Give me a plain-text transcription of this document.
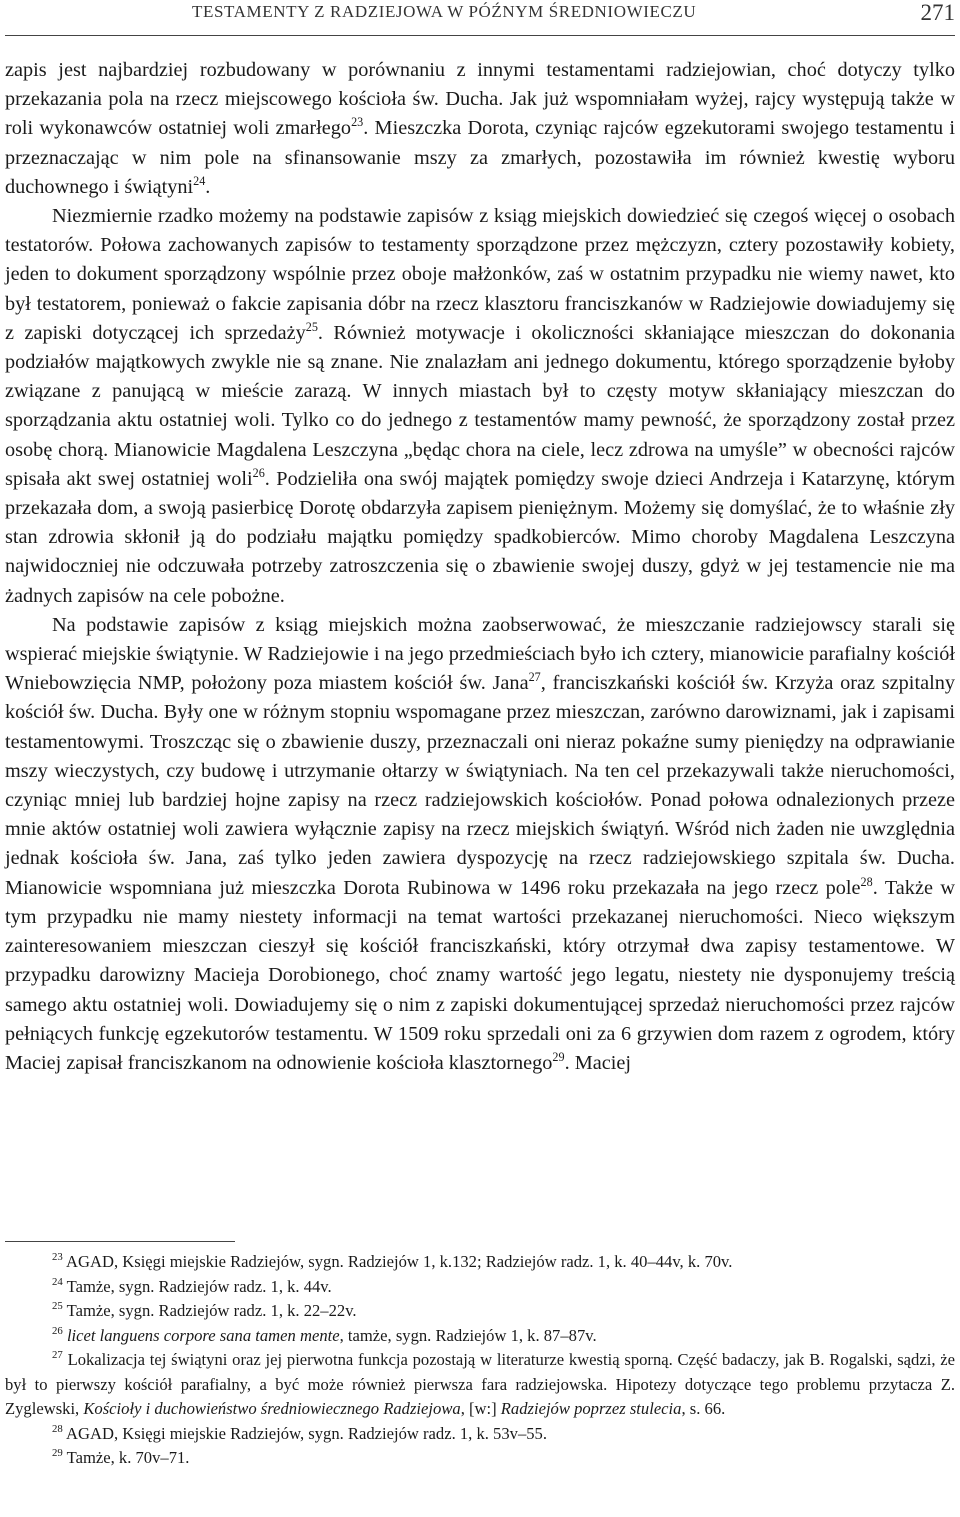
TESTAMENTY Z RADZIEJOWA W PÓŹNYM ŚREDNIOWIECZU	271

zapis jest najbardziej rozbudowany w porównaniu z innymi testamentami radziejowian, choć dotyczy tylko przekazania pola na rzecz miejscowego kościoła św. Ducha. Jak już wspomniałam wyżej, rajcy występują także w roli wykonawców ostatniej woli zmarłego$^{23}$. Mieszczka Dorota, czyniąc rajców egzekutorami swojego testamentu i przeznaczając w nim pole na sfinansowanie mszy za zmarłych, pozostawiła im również kwestię wyboru duchownego i świątyni$^{24}$.

Niezmiernie rzadko możemy na podstawie zapisów z ksiąg miejskich dowiedzieć się czegoś więcej o osobach testatorów. Połowa zachowanych zapisów to testamenty sporządzone przez mężczyzn, cztery pozostawiły kobiety, jeden to dokument sporządzony wspólnie przez oboje małżonków, zaś w ostatnim przypadku nie wiemy nawet, kto był testatorem, ponieważ o fakcie zapisania dóbr na rzecz klasztoru franciszkanów w Radziejowie dowiadujemy się z zapiski dotyczącej ich sprzedaży$^{25}$. Również motywacje i okoliczności skłaniające mieszczan do dokonania podziałów majątkowych zwykle nie są znane. Nie znalazłam ani jednego dokumentu, którego sporządzenie byłoby związane z panującą w mieście zarazą. W innych miastach był to częsty motyw skłaniający mieszczan do sporządzania aktu ostatniej woli. Tylko co do jednego z testamentów mamy pewność, że sporządzony został przez osobę chorą. Mianowicie Magdalena Leszczyna „będąc chora na ciele, lecz zdrowa na umyśle” w obecności rajców spisała akt swej ostatniej woli$^{26}$. Podzieliła ona swój majątek pomiędzy swoje dzieci Andrzeja i Katarzynę, którym przekazała dom, a swoją pasierbicę Dorotę obdarzyła zapisem pieniężnym. Możemy się domyślać, że to właśnie zły stan zdrowia skłonił ją do podziału majątku pomiędzy spadkobierców. Mimo choroby Magdalena Leszczyna najwidoczniej nie odczuwała potrzeby zatroszczenia się o zbawienie swojej duszy, gdyż w jej testamencie nie ma żadnych zapisów na cele pobożne.

Na podstawie zapisów z ksiąg miejskich można zaobserwować, że mieszczanie radziejowscy starali się wspierać miejskie świątynie. W Radziejowie i na jego przedmieściach było ich cztery, mianowicie parafialny kościół Wniebowzięcia NMP, położony poza miastem kościół św. Jana$^{27}$, franciszkański kościół św. Krzyża oraz szpitalny kościół św. Ducha. Były one w różnym stopniu wspomagane przez mieszczan, zarówno darowiznami, jak i zapisami testamentowymi. Troszcząc się o zbawienie duszy, przeznaczali oni nieraz pokaźne sumy pieniędzy na odprawianie mszy wieczystych, czy budowę i utrzymanie ołtarzy w świątyniach. Na ten cel przekazywali także nieruchomości, czyniąc mniej lub bardziej hojne zapisy na rzecz radziejowskich kościołów. Ponad połowa odnalezionych przeze mnie aktów ostatniej woli zawiera wyłącznie zapisy na rzecz miejskich świątyń. Wśród nich żaden nie uwzględnia jednak kościoła św. Jana, zaś tylko jeden zawiera dyspozycję na rzecz radziejowskiego szpitala św. Ducha. Mianowicie wspomniana już mieszczka Dorota Rubinowa w 1496 roku przekazała na jego rzecz pole$^{28}$. Także w tym przypadku nie mamy niestety informacji na temat wartości przekazanej nieruchomości. Nieco większym zainteresowaniem mieszczan cieszył się kościół franciszkański, który otrzymał dwa zapisy testamentowe. W przypadku darowizny Macieja Dorobionego, choć znamy wartość jego legatu, niestety nie dysponujemy treścią samego aktu ostatniej woli. Dowiadujemy się o nim z zapiski dokumentującej sprzedaż nieruchomości przez rajców pełniących funkcję egzekutorów testamentu. W 1509 roku sprzedali oni za 6 grzywien dom razem z ogrodem, który Maciej zapisał franciszkanom na odnowienie kościoła klasztornego$^{29}$. Maciej

$^{23}$ AGAD, Księgi miejskie Radziejów, sygn. Radziejów 1, k.132; Radziejów radz. 1, k. 40–44v, k. 70v.

$^{24}$ Tamże, sygn. Radziejów radz. 1, k. 44v.

$^{25}$ Tamże, sygn. Radziejów radz. 1, k. 22–22v.

$^{26}$ licet languens corpore sana tamen mente, tamże, sygn. Radziejów 1, k. 87–87v.

$^{27}$ Lokalizacja tej świątyni oraz jej pierwotna funkcja pozostają w literaturze kwestią sporną. Część badaczy, jak B. Rogalski, sądzi, że był to pierwszy kościół parafialny, a być może również pierwsza fara radziejowska. Hipotezy dotyczące tego problemu przytacza Z. Zyglewski, Kościoły i duchowieństwo średniowiecznego Radziejowa, [w:] Radziejów poprzez stulecia, s. 66.

$^{28}$ AGAD, Księgi miejskie Radziejów, sygn. Radziejów radz. 1, k. 53v–55.

$^{29}$ Tamże, k. 70v–71.
